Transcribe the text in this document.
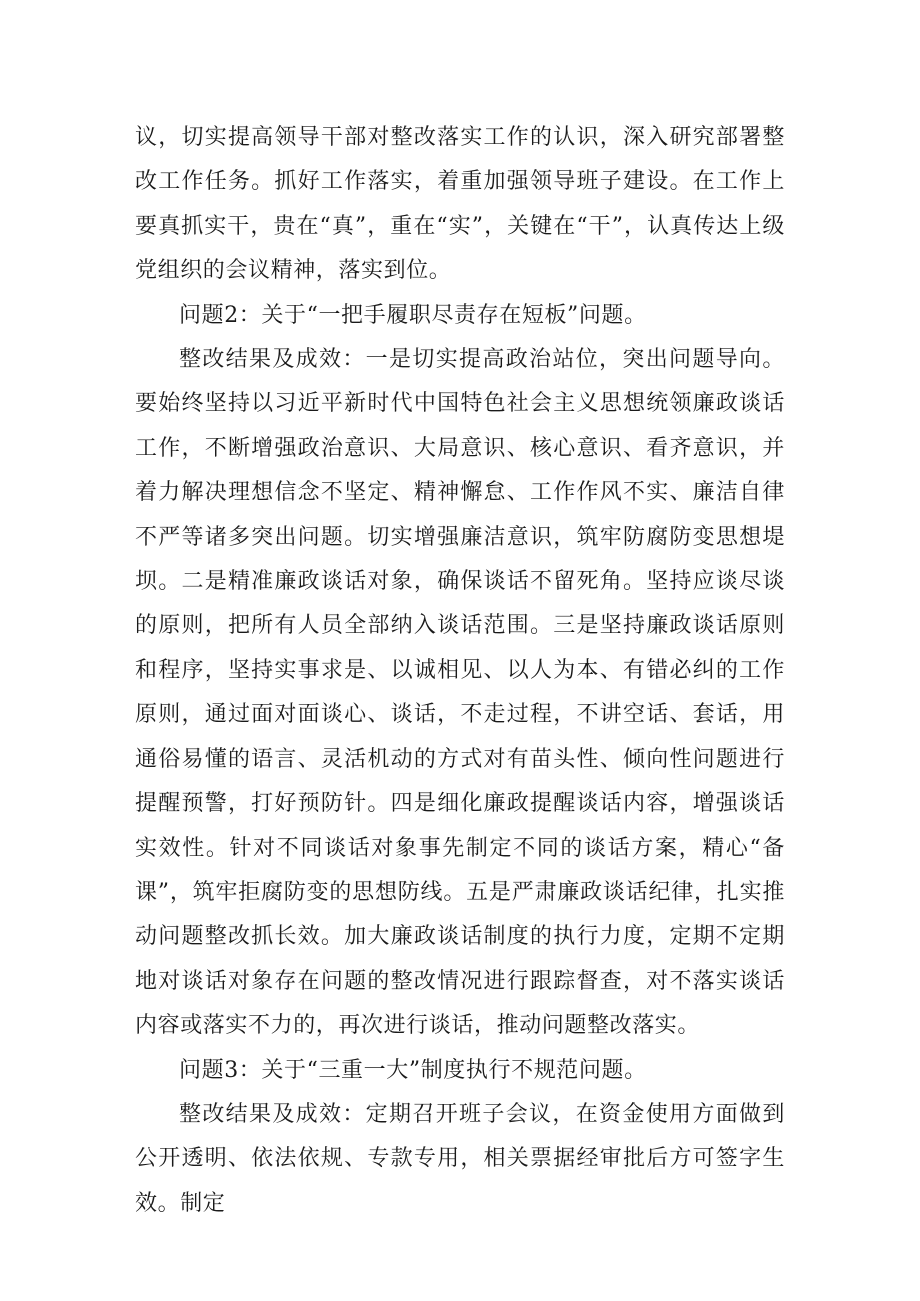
议，切实提高领导干部对整改落实工作的认识，深入研究部署整改工作任务。抓好工作落实，着重加强领导班子建设。在工作上要真抓实干，贵在“真”，重在“实”，关键在“干”，认真传达上级党组织的会议精神，落实到位。

问题2：关于“一把手履职尽责存在短板”问题。

整改结果及成效：一是切实提高政治站位，突出问题导向。要始终坚持以习近平新时代中国特色社会主义思想统领廉政谈话工作，不断增强政治意识、大局意识、核心意识、看齐意识，并着力解决理想信念不坚定、精神懈怠、工作作风不实、廉洁自律不严等诸多突出问题。切实增强廉洁意识，筑牢防腐防变思想堤坝。二是精准廉政谈话对象，确保谈话不留死角。坚持应谈尽谈的原则，把所有人员全部纳入谈话范围。三是坚持廉政谈话原则和程序，坚持实事求是、以诚相见、以人为本、有错必纠的工作原则，通过面对面谈心、谈话，不走过程，不讲空话、套话，用通俗易懂的语言、灵活机动的方式对有苗头性、倾向性问题进行提醒预警，打好预防针。四是细化廉政提醒谈话内容，增强谈话实效性。针对不同谈话对象事先制定不同的谈话方案，精心“备课”，筑牢拒腐防变的思想防线。五是严肃廉政谈话纪律，扎实推动问题整改抓长效。加大廉政谈话制度的执行力度，定期不定期地对谈话对象存在问题的整改情况进行跟踪督查，对不落实谈话内容或落实不力的，再次进行谈话，推动问题整改落实。

问题3：关于“三重一大”制度执行不规范问题。

整改结果及成效：定期召开班子会议，在资金使用方面做到公开透明、依法依规、专款专用，相关票据经审批后方可签字生效。制定
